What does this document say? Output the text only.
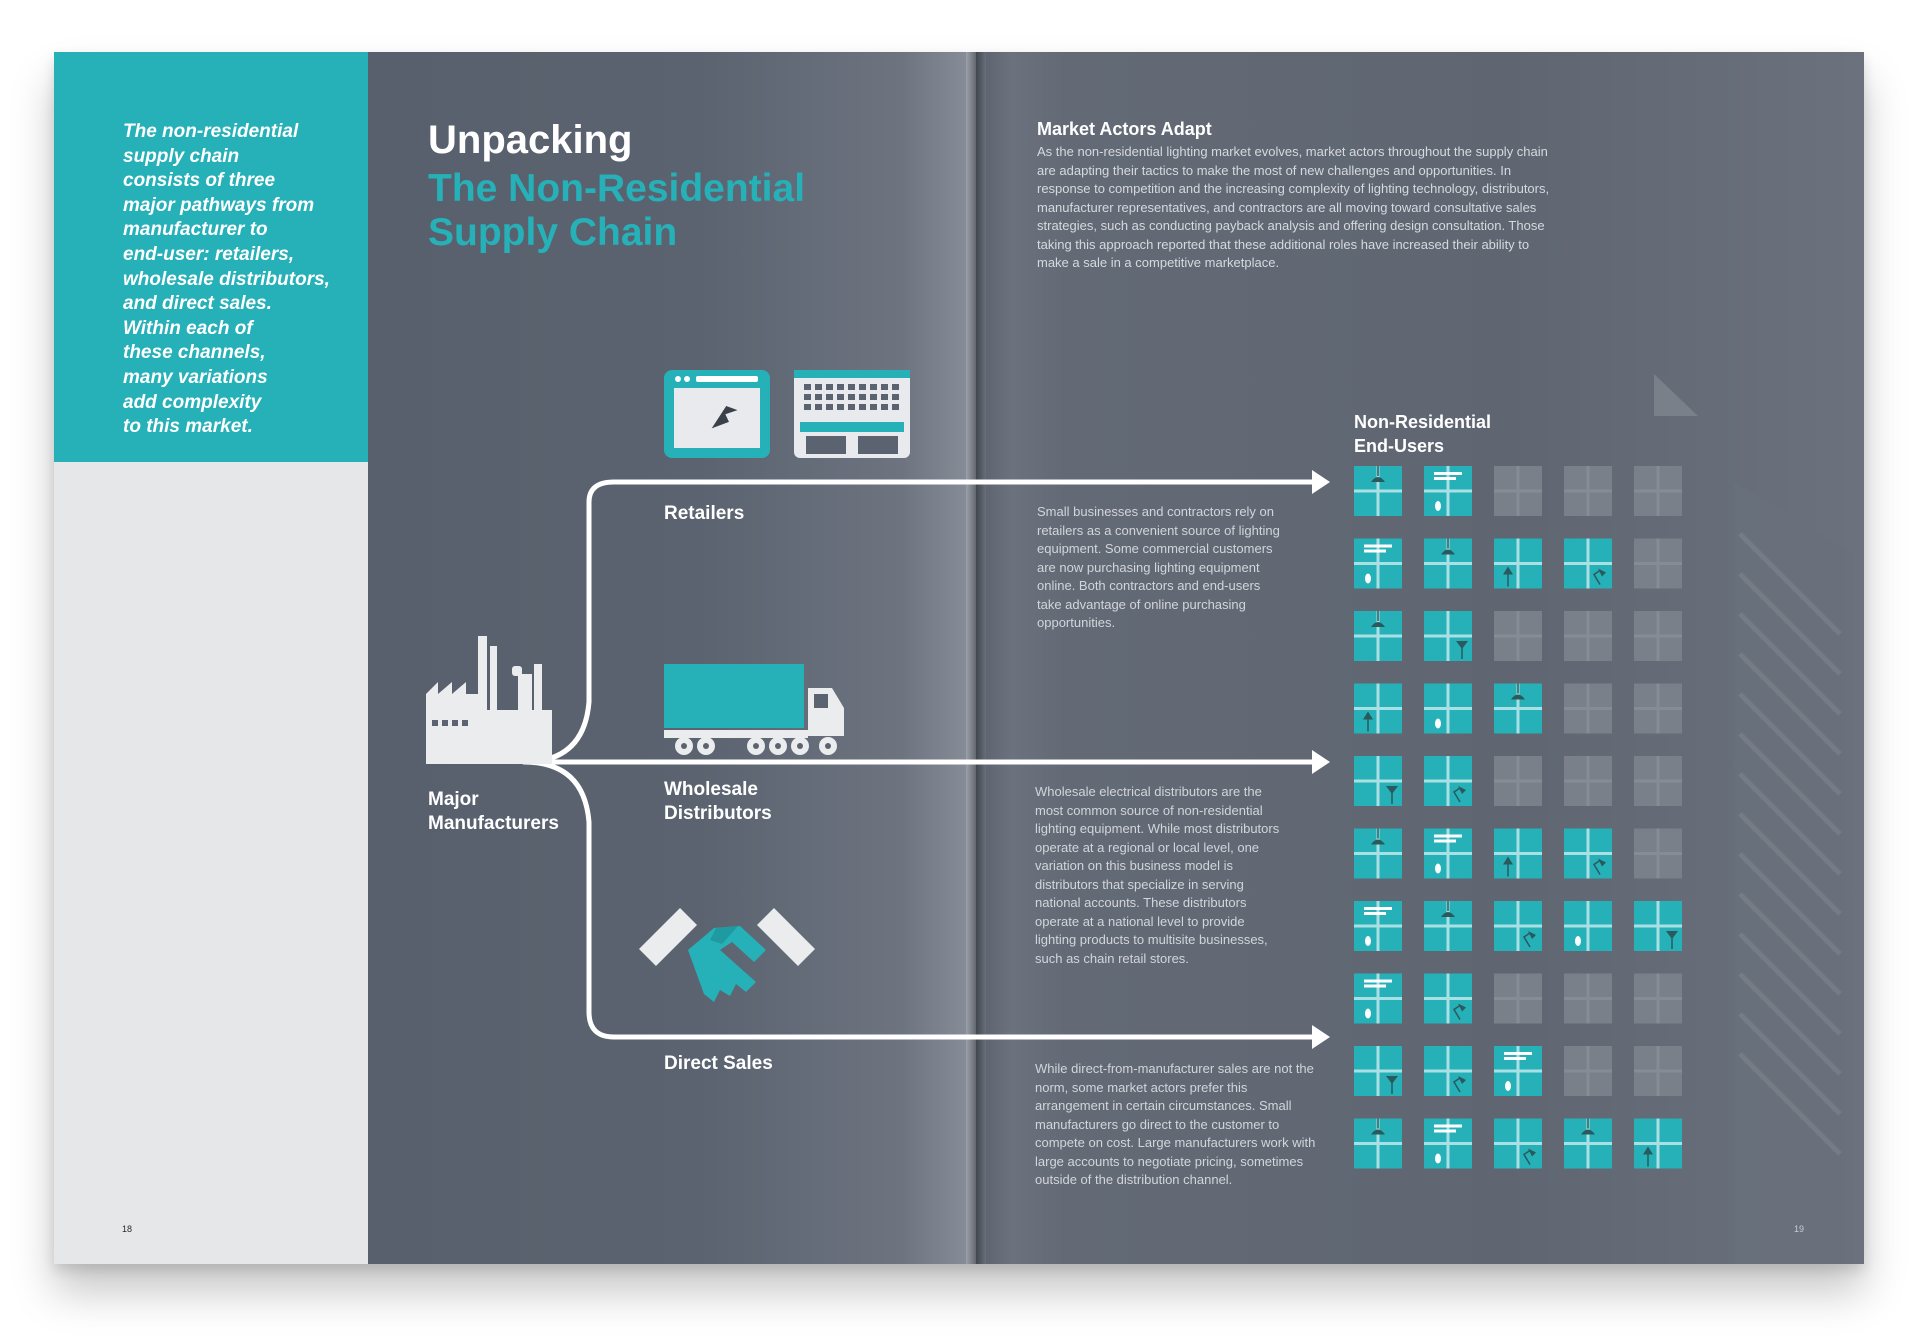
The non-residential
supply chain
consists of three
major pathways from
manufacturer to
end-user: retailers,
wholesale distributors,
and direct sales.
Within each of
these channels,
many variations
add complexity
to this market.
18
Unpacking
The Non-Residential
Supply Chain
Major
Manufacturers
Retailers
Wholesale
Distributors
Direct Sales
Market Actors Adapt
As the non-residential lighting market evolves, market actors throughout the supply chain are adapting their tactics to make the most of new challenges and opportunities. In response to competition and the increasing complexity of lighting technology, distributors, manufacturer representatives, and contractors are all moving toward consultative sales strategies, such as conducting payback analysis and offering design consultation. Those taking this approach reported that these additional roles have increased their ability to make a sale in a competitive marketplace.
Small businesses and contractors rely on retailers as a convenient source of lighting equipment. Some commercial customers are now purchasing lighting equipment online. Both contractors and end-users take advantage of online purchasing opportunities.
Wholesale electrical distributors are the most common source of non-residential lighting equipment. While most distributors operate at a regional or local level, one variation on this business model is distributors that specialize in serving national accounts. These distributors operate at a national level to provide lighting products to multisite businesses, such as chain retail stores.
While direct-from-manufacturer sales are not the norm, some market actors prefer this arrangement in certain circumstances. Small manufacturers go direct to the customer to compete on cost. Large manufacturers work with large accounts to negotiate pricing, sometimes outside of the distribution channel.
Non-Residential
End-Users
19
